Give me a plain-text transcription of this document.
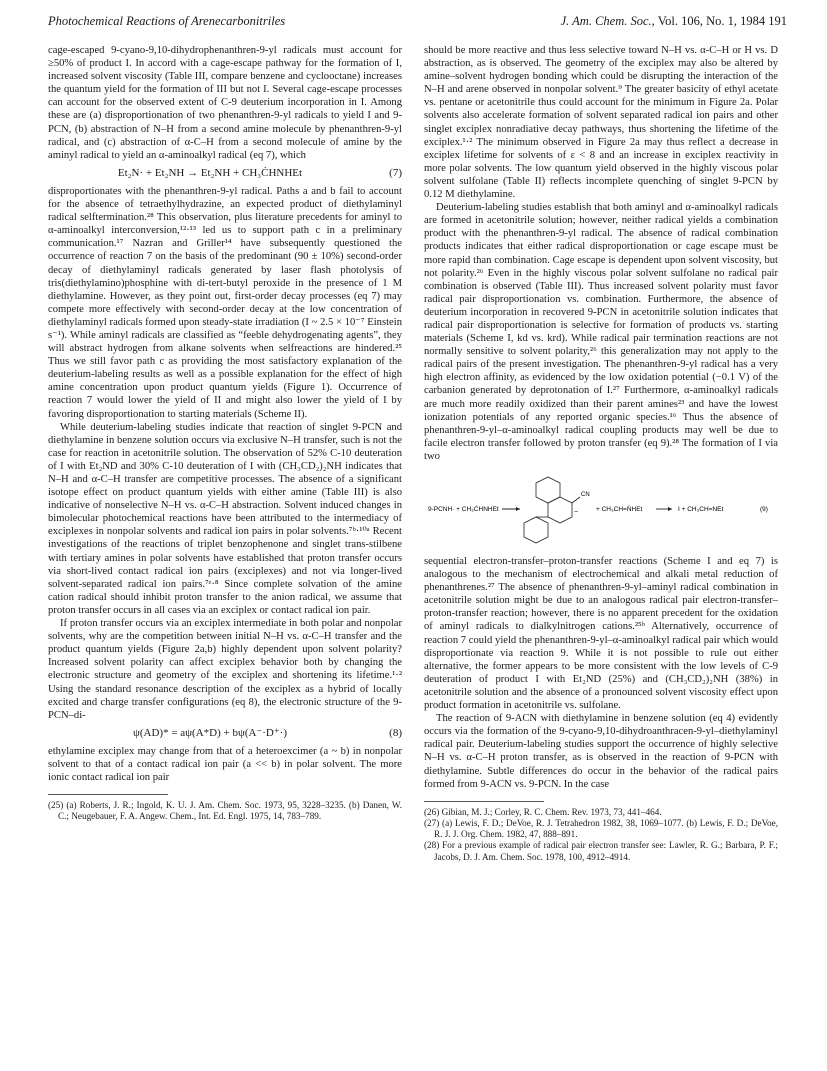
Photochemical Reactions of Arenecarbonitriles	J. Am. Chem. Soc., Vol. 106, No. 1, 1984 191

cage-escaped 9-cyano-9,10-dihydrophenanthren-9-yl radicals must account for ≥50% of product I. In accord with a cage-escape pathway for the formation of I, increased solvent viscosity (Table III, compare benzene and cyclooctane) increases the quantum yield for the formation of III but not I. Several cage-escape processes can account for the observed extent of C-9 deuterium incorporation in I. Among these are (a) disproportionation of two phenanthren-9-yl radicals to yield I and 9-PCN, (b) abstraction of N–H from a second amine molecule by phenanthren-9-yl radical, and (c) abstraction of α-C–H from a second molecule of amine by the aminyl radical to yield an α-aminoalkyl radical (eq 7), which

Et₂N· + Et₂NH → Et₂NH + CH₃ĊHNHEt	(7)

disproportionates with the phenanthren-9-yl radical. Paths a and b fail to account for the absence of tetraethylhydrazine, an expected product of diethylaminyl radical selftermination.²⁸ This observation, plus literature precedents for aminyl to α-aminoalkyl interconversion,¹²·¹³ led us to support path c in a preliminary communication.¹⁷ Nazran and Griller¹⁴ have subsequently questioned the occurrence of reaction 7 on the basis of the predominant (90 ± 10%) second-order decay of diethylaminyl radicals generated by laser flash photolysis of tris(diethylamino)phosphine with di-tert-butyl peroxide in the presence of 1 M diethylamine. However, as they point out, first-order decay processes (eq 7) may compete more effectively with second-order decay at the low concentration of diethylaminyl radicals formed upon steady-state irradiation (I ~ 2.5 × 10⁻⁷ Einstein s⁻¹). While aminyl radicals are classified as “feeble dehydrogenating agents”, they will abstract hydrogen from alkane solvents when selfreactions are hindered.²⁵ Thus we still favor path c as providing the most satisfactory explanation of the deuterium-labeling results as well as a possible explanation for the effect of high amine concentration upon product quantum yields (Figure 1). Occurrence of reaction 7 would lower the yield of II and might also lower the yield of I by favoring disproportionation to starting materials (Scheme II).

While deuterium-labeling studies indicate that reaction of singlet 9-PCN and diethylamine in benzene solution occurs via exclusive N–H transfer, such is not the case for reaction in acetonitrile solution. The observation of 52% C-10 deuteration of I with Et₂ND and 30% C-10 deuteration of I with (CH₃CD₂)₂NH indicates that N–H and α-C–H transfer are competitive processes. The absence of a significant isotope effect on product quantum yields with either amine (Table III) is also indicative of nonselective N–H vs. α-C–H abstraction. Solvent induced changes in bimolecular photochemical reactions have been attributed to the intermediacy of exciplexes in nonpolar solvents and radical ion pairs in polar solvents.⁷ᵇ·¹⁰ᵃ Recent investigations of the reactions of triplet benzophenone and singlet trans-stilbene with tertiary amines in polar solvents have established that proton transfer occurs via short-lived contact radical ion pairs (exciplexes) and not via longer-lived solvent-separated radical ion pairs.⁷ᵉ·⁸ Since complete solvation of the amine cation radical should inhibit proton transfer to the anion radical, we assume that proton transfer occurs in all cases via an exciplex or contact radical ion pair.

If proton transfer occurs via an exciplex intermediate in both polar and nonpolar solvents, why are the competition between initial N–H vs. α-C–H transfer and the product quantum yields (Figure 2a,b) highly dependent upon solvent polarity? Increased solvent polarity can affect exciplex behavior both by changing the electronic structure and geometry of the exciplex and shortening its lifetime.¹·² Using the standard resonance description of the exciplex as a hybrid of locally excited and charge transfer configurations (eq 8), the electronic structure of the 9-PCN–di-

ψ(AD)* = aψ(A*D) + bψ(A⁻·D⁺·)	(8)

ethylamine exciplex may change from that of a heteroexcimer (a ~ b) in nonpolar solvent to that of a contact radical ion pair (a << b) in polar solvent. The more ionic contact radical ion pair

(25) (a) Roberts, J. R.; Ingold, K. U. J. Am. Chem. Soc. 1973, 95, 3228–3235. (b) Danen, W. C.; Neugebauer, F. A. Angew. Chem., Int. Ed. Engl. 1975, 14, 783–789.

should be more reactive and thus less selective toward N–H vs. α-C–H or H vs. D abstraction, as is observed. The geometry of the exciplex may also be altered by amine–solvent hydrogen bonding which could be disrupting the interaction of the N–H and arene observed in nonpolar solvent.⁹ The greater basicity of ethyl acetate vs. pentane or acetonitrile thus could account for the minimum in Figure 2a. Polar solvents also accelerate formation of solvent separated radical ion pairs and other singlet exciplex nonradiative decay pathways, thus shortening the lifetime of the exciplex.¹·² The minimum observed in Figure 2a may thus reflect a decrease in exciplex lifetime for solvents of ε < 8 and an increase in exciplex reactivity in more polar solvents. The low quantum yield observed in the highly viscous polar solvent sulfolane (Table II) reflects incomplete quenching of singlet 9-PCN by 0.12 M diethylamine.

Deuterium-labeling studies establish that both aminyl and α-aminoalkyl radicals are formed in acetonitrile solution; however, neither radical yields a combination product with the phenanthren-9-yl radical. The absence of radical combination products indicates that either radical disproportionation or cage escape must be more rapid than combination. Cage escape is dependent upon solvent viscosity, but not polarity.²⁶ Even in the highly viscous polar solvent sulfolane no radical pair combination is observed (Table III). Thus increased solvent polarity must favor radical pair disproportionation vs. combination. Furthermore, the absence of deuterium incorporation in recovered 9-PCN in acetonitrile solution indicates that radical pair disproportionation is selective for formation of products vs. starting materials (Scheme I, kd vs. krd). While radical pair termination reactions are not normally sensitive to solvent polarity,²⁶ this generalization may not apply to the radical pairs of the present investigation. The phenanthren-9-yl radical has a very high electron affinity, as evidenced by the low oxidation potential (−0.1 V) of the carbanion generated by deprotonation of I.²⁷ Furthermore, α-aminoalkyl radicals are much more readily oxidized than their parent amines²³ and have the lowest ionization potentials of any reported organic species.¹⁶ Thus the absence of phenanthren-9-yl–α-aminoalkyl radical coupling products may well be due to facile electron transfer followed by proton transfer (eq 9).²⁸ The formation of I via two

9-PCNH· + CH₃ĊHNHEt
CN
−	+ CH₃CH=N̈HEt	I + CH₃CH=NEt	(9)

sequential electron-transfer–proton-transfer reactions (Scheme I and eq 7) is analogous to the mechanism of electrochemical and alkali metal reduction of phenanthrenes.²⁷ The absence of phenanthren-9-yl–aminyl radical combination in acetonitrile solution might be due to an analogous radical pair electron-transfer–proton-transfer reaction; however, there is no apparent precedent for the oxidation of aminyl radicals to dialkylnitrogen cations.²⁵ᵇ Alternatively, occurrence of reaction 7 could yield the phenanthren-9-yl–α-aminoalkyl radical pair which would disproportionate via reaction 9. While it is not possible to rule out either alternative, the former appears to be more consistent with the low levels of C-9 deuteration of product I with Et₂ND (25%) and (CH₃CD₂)₂NH (38%) in acetonitrile solution and the absence of a pronounced solvent viscosity effect upon product formation in acetonitrile vs. sulfolane.

The reaction of 9-ACN with diethylamine in benzene solution (eq 4) evidently occurs via the formation of the 9-cyano-9,10-dihydroanthracen-9-yl–diethylaminyl radical pair. Deuterium-labeling studies support the occurrence of highly selective N–H vs. α-C–H proton transfer, as is observed in the reaction of 9-PCN with diethylamine. Subtle differences do occur in the behavior of the radical pairs formed from 9-ACN vs. 9-PCN. In the case

(26) Gibian, M. J.; Corley, R. C. Chem. Rev. 1973, 73, 441–464.

(27) (a) Lewis, F. D.; DeVoe, R. J. Tetrahedron 1982, 38, 1069–1077. (b) Lewis, F. D.; DeVoe, R. J. J. Org. Chem. 1982, 47, 888–891.

(28) For a previous example of radical pair electron transfer see: Lawler, R. G.; Barbara, P. F.; Jacobs, D. J. Am. Chem. Soc. 1978, 100, 4912–4914.
